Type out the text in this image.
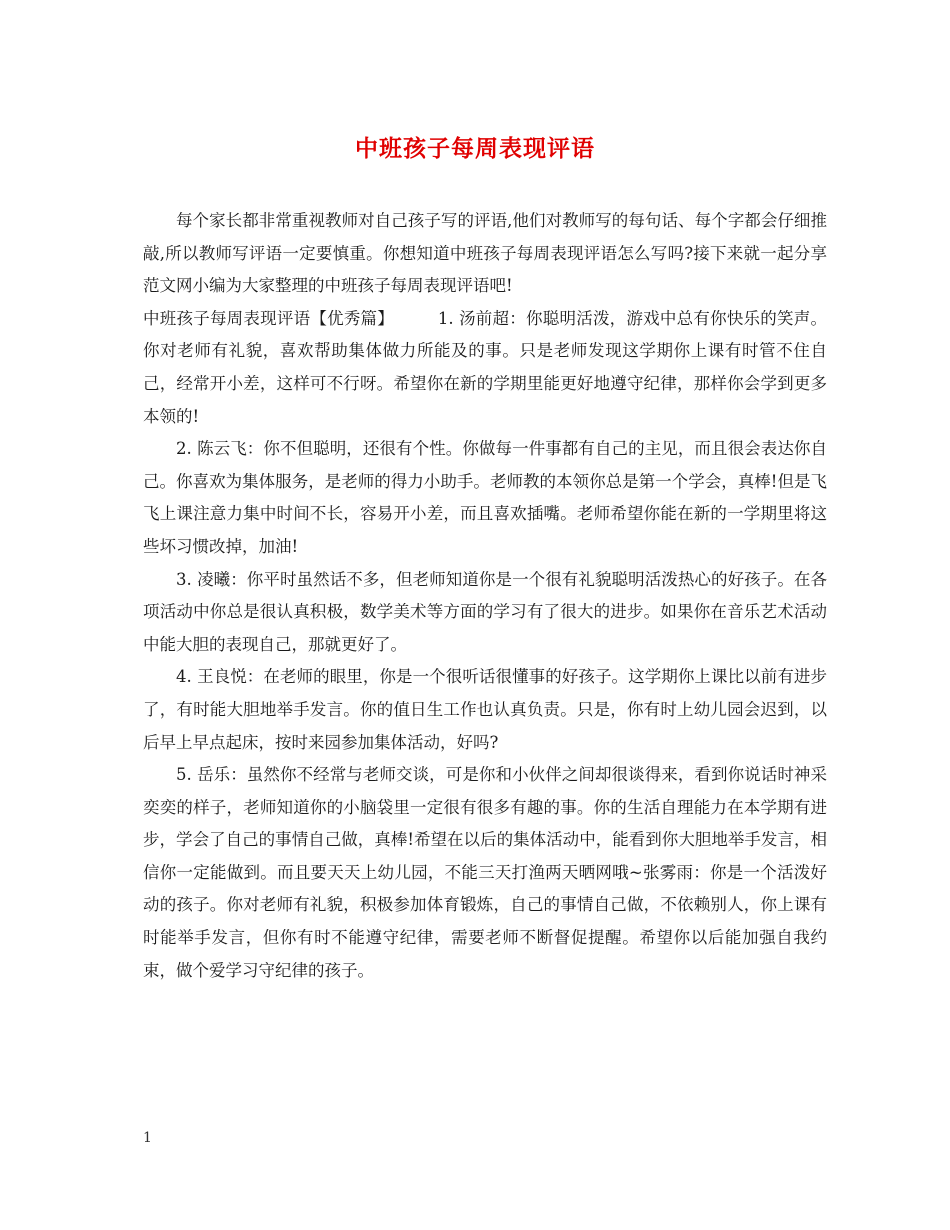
中班孩子每周表现评语

每个家长都非常重视教师对自己孩子写的评语,他们对教师写的每句话、每个字都会仔细推敲,所以教师写评语一定要慎重。你想知道中班孩子每周表现评语怎么写吗?接下来就一起分享范文网小编为大家整理的中班孩子每周表现评语吧!

中班孩子每周表现评语【优秀篇】        1. 汤前超：你聪明活泼，游戏中总有你快乐的笑声。你对老师有礼貌，喜欢帮助集体做力所能及的事。只是老师发现这学期你上课有时管不住自己，经常开小差，这样可不行呀。希望你在新的学期里能更好地遵守纪律，那样你会学到更多本领的!

2. 陈云飞：你不但聪明，还很有个性。你做每一件事都有自己的主见，而且很会表达你自己。你喜欢为集体服务，是老师的得力小助手。老师教的本领你总是第一个学会，真棒!但是飞飞上课注意力集中时间不长，容易开小差，而且喜欢插嘴。老师希望你能在新的一学期里将这些坏习惯改掉，加油!

3. 凌曦：你平时虽然话不多，但老师知道你是一个很有礼貌聪明活泼热心的好孩子。在各项活动中你总是很认真积极，数学美术等方面的学习有了很大的进步。如果你在音乐艺术活动中能大胆的表现自己，那就更好了。

4. 王良悦：在老师的眼里，你是一个很听话很懂事的好孩子。这学期你上课比以前有进步了，有时能大胆地举手发言。你的值日生工作也认真负责。只是，你有时上幼儿园会迟到，以后早上早点起床，按时来园参加集体活动，好吗?

5. 岳乐：虽然你不经常与老师交谈，可是你和小伙伴之间却很谈得来，看到你说话时神采奕奕的样子，老师知道你的小脑袋里一定很有很多有趣的事。你的生活自理能力在本学期有进步，学会了自己的事情自己做，真棒!希望在以后的集体活动中，能看到你大胆地举手发言，相信你一定能做到。而且要天天上幼儿园，不能三天打渔两天晒网哦~张雾雨：你是一个活泼好动的孩子。你对老师有礼貌，积极参加体育锻炼，自己的事情自己做，不依赖别人，你上课有时能举手发言，但你有时不能遵守纪律，需要老师不断督促提醒。希望你以后能加强自我约束，做个爱学习守纪律的孩子。

1
